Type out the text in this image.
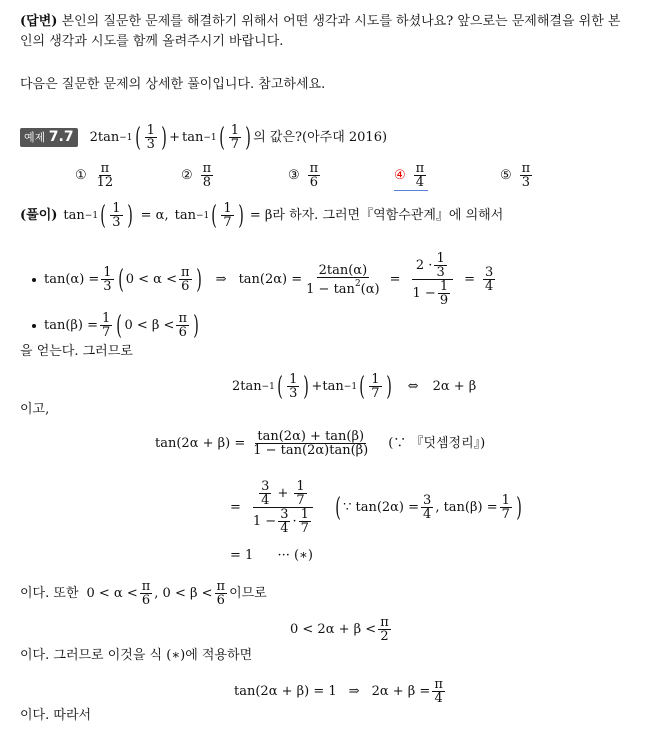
(답변) 본인의 질문한 문제를 해결하기 위해서 어떤 생각과 시도를 하셨나요? 앞으로는 문제해결을 위한 본
인의 생각과 시도를 함께 올려주시기 바랍니다.
다음은 질문한 문제의 상세한 풀이입니다. 참고하세요.
예제 7.7	2 tan −1 ( $\frac{1}{3}$ ) + tan −1 ( $\frac{1}{7}$ ) 의 값은?(아주대 2016)
① $\frac{\pi}{12}$	② $\frac{\pi}{8}$	③ $\frac{\pi}{6}$	④ $\frac{\pi}{4}$	⑤ $\frac{\pi}{3}$
(풀이) tan −1 ( $\frac{1}{3}$ ) = α, tan −1 ( $\frac{1}{7}$ ) = β 라 하자. 그러면『역함수관계』에 의해서
$\tan(\alpha) = \frac{1}{3}$ ( $0 < \alpha < \frac{\pi}{6}$ ) ⇒ $\tan(2\alpha) = \frac{2\tan(\alpha)}{1 - \tan^2(\alpha)} = \frac{2 \cdot \frac{1}{3}}{1 - \frac{1}{9}} = \frac{3}{4}$
$\tan(\beta) = \frac{1}{7}$ ( $0 < \beta < \frac{\pi}{6}$ )
을 얻는다. 그러므로
2 tan −1 ( $\frac{1}{3}$ ) + tan −1 ( $\frac{1}{7}$ ) ⇔ 2α + β
이고,
$\tan(2\alpha + \beta) = \frac{\tan(2\alpha) + \tan(\beta)}{1 - \tan(2\alpha)\tan(\beta)}$ (∵ 『덧셈정리』)
= $\frac{\frac{3}{4} + \frac{1}{7}}{1 - \frac{3}{4} \cdot \frac{1}{7}}$ ( ∵ $\tan(2\alpha) = \frac{3}{4}$ , $\tan(\beta) = \frac{1}{7}$ )
= 1 ··· (∗)
이다. 또한 $0 < \alpha < \frac{\pi}{6}$ , $0 < \beta < \frac{\pi}{6}$ 이므로
$0 < 2\alpha + \beta < \frac{\pi}{2}$
이다. 그러므로 이것을 식 (∗)에 적용하면
tan(2α + β) = 1 ⇒ $2\alpha + \beta = \frac{\pi}{4}$
이다. 따라서
